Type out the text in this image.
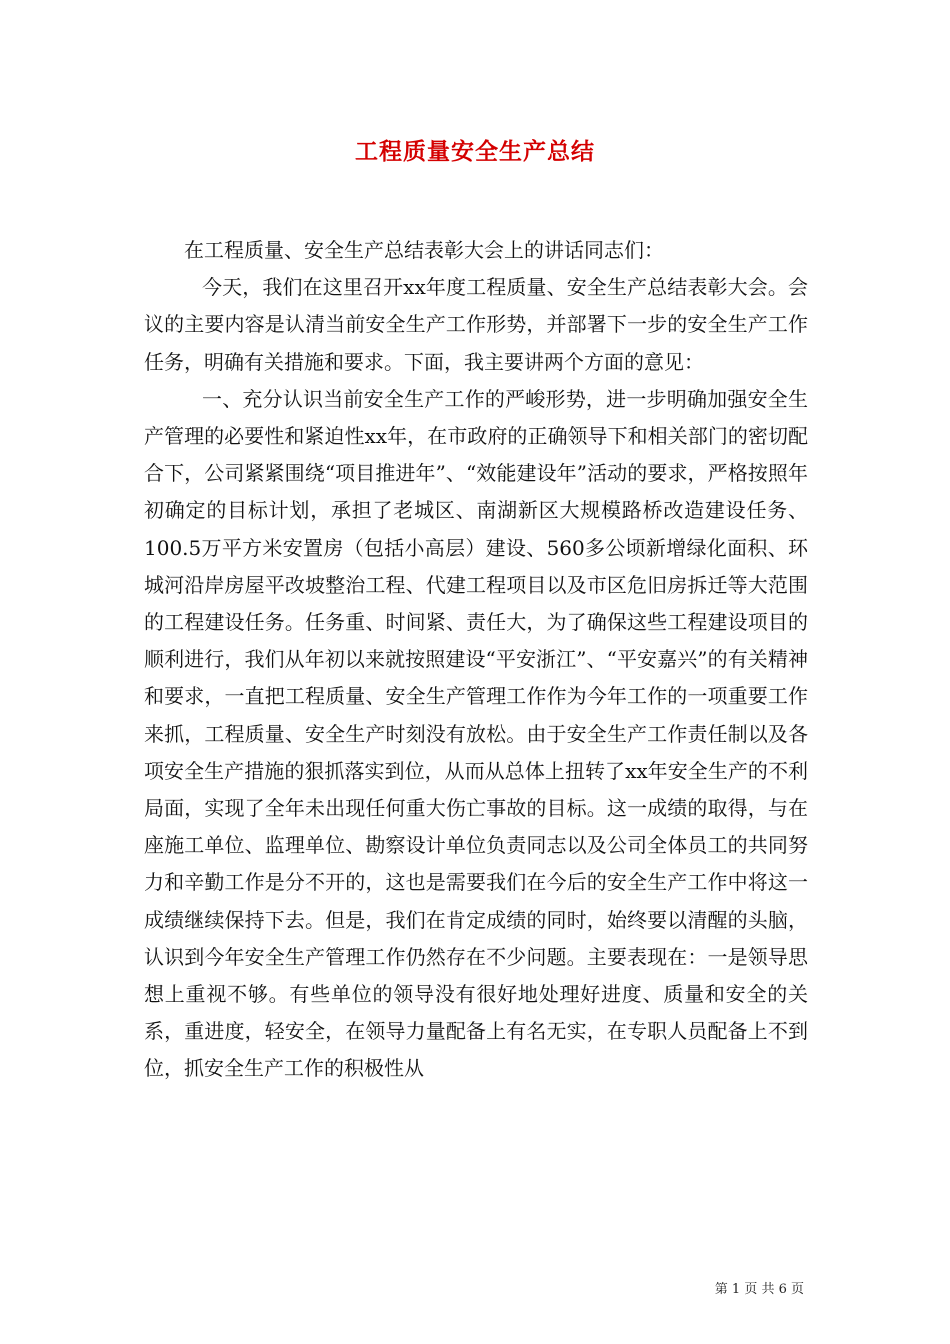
工程质量安全生产总结

在工程质量、安全生产总结表彰大会上的讲话同志们：

今天，我们在这里召开xx年度工程质量、安全生产总结表彰大会。会议的主要内容是认清当前安全生产工作形势，并部署下一步的安全生产工作任务，明确有关措施和要求。下面，我主要讲两个方面的意见：

一、充分认识当前安全生产工作的严峻形势，进一步明确加强安全生产管理的必要性和紧迫性xx年，在市政府的正确领导下和相关部门的密切配合下，公司紧紧围绕“项目推进年”、“效能建设年”活动的要求，严格按照年初确定的目标计划，承担了老城区、南湖新区大规模路桥改造建设任务、100.5万平方米安置房（包括小高层）建设、560多公顷新增绿化面积、环城河沿岸房屋平改坡整治工程、代建工程项目以及市区危旧房拆迁等大范围的工程建设任务。任务重、时间紧、责任大，为了确保这些工程建设项目的顺利进行，我们从年初以来就按照建设“平安浙江”、“平安嘉兴”的有关精神和要求，一直把工程质量、安全生产管理工作作为今年工作的一项重要工作来抓，工程质量、安全生产时刻没有放松。由于安全生产工作责任制以及各项安全生产措施的狠抓落实到位，从而从总体上扭转了xx年安全生产的不利局面，实现了全年未出现任何重大伤亡事故的目标。这一成绩的取得，与在座施工单位、监理单位、勘察设计单位负责同志以及公司全体员工的共同努力和辛勤工作是分不开的，这也是需要我们在今后的安全生产工作中将这一成绩继续保持下去。但是，我们在肯定成绩的同时，始终要以清醒的头脑，认识到今年安全生产管理工作仍然存在不少问题。主要表现在：一是领导思想上重视不够。有些单位的领导没有很好地处理好进度、质量和安全的关系，重进度，轻安全，在领导力量配备上有名无实，在专职人员配备上不到位，抓安全生产工作的积极性从

第 1 页 共 6 页
